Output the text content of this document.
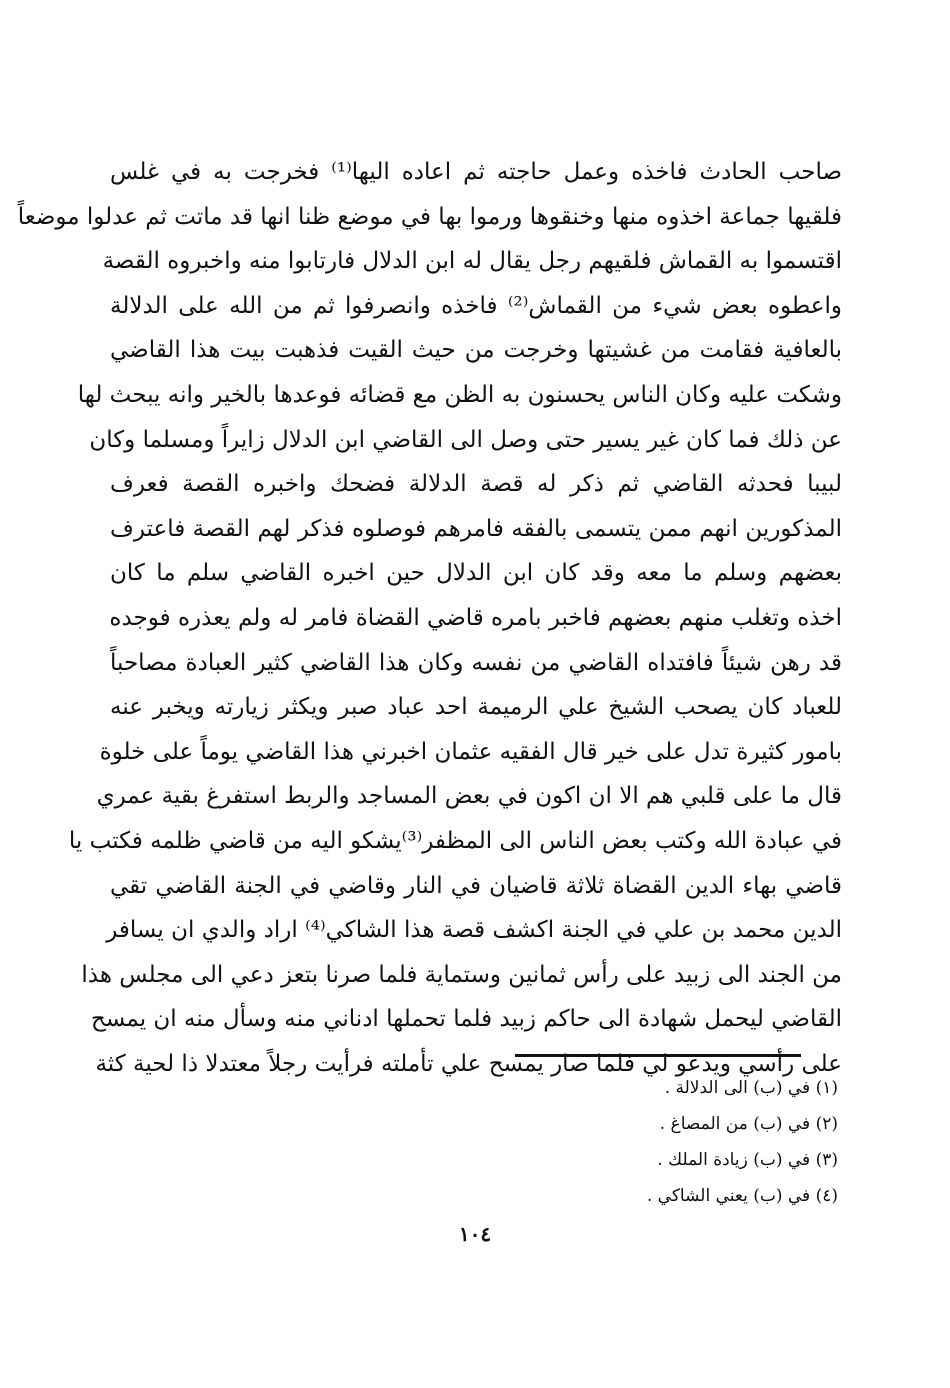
صاحب الحادث فاخذه وعمل حاجته ثم اعاده اليها⁽¹⁾ فخرجت به في غلس
فلقيها جماعة اخذوه منها وخنقوها ورموا بها في موضع ظنا انها قد ماتت ثم عدلوا موضعاً
اقتسموا به القماش فلقيهم رجل يقال له ابن الدلال فارتابوا منه واخبروه القصة
واعطوه بعض شيء من القماش⁽²⁾ فاخذه وانصرفوا ثم من الله على الدلالة
بالعافية فقامت من غشيتها وخرجت من حيث القيت فذهبت بيت هذا القاضي
وشكت عليه وكان الناس يحسنون به الظن مع قضائه فوعدها بالخير وانه يبحث لها
عن ذلك فما كان غير يسير حتى وصل الى القاضي ابن الدلال زايراً ومسلما وكان
لبيبا فحدثه القاضي ثم ذكر له قصة الدلالة فضحك واخبره القصة فعرف
المذكورين انهم ممن يتسمى بالفقه فامرهم فوصلوه فذكر لهم القصة فاعترف
بعضهم وسلم ما معه وقد كان ابن الدلال حين اخبره القاضي سلم ما كان
اخذه وتغلب منهم بعضهم فاخبر بامره قاضي القضاة فامر له ولم يعذره فوجده
قد رهن شيئاً فافتداه القاضي من نفسه وكان هذا القاضي كثير العبادة مصاحباً
للعباد كان يصحب الشيخ علي الرميمة احد عباد صبر ويكثر زيارته ويخبر عنه
بامور كثيرة تدل على خير قال الفقيه عثمان اخبرني هذا القاضي يوماً على خلوة
قال ما على قلبي هم الا ان اكون في بعض المساجد والربط استفرغ بقية عمري
في عبادة الله وكتب بعض الناس الى المظفر⁽³⁾يشكو اليه من قاضي ظلمه فكتب يا
قاضي بهاء الدين القضاة ثلاثة قاضيان في النار وقاضي في الجنة القاضي تقي
الدين محمد بن علي في الجنة اكشف قصة هذا الشاكي⁽⁴⁾ اراد والدي ان يسافر
من الجند الى زبيد على رأس ثمانين وستماية فلما صرنا بتعز دعي الى مجلس هذا
القاضي ليحمل شهادة الى حاكم زبيد فلما تحملها ادناني منه وسأل منه ان يمسح
على رأسي ويدعو لي فلما صار يمسح علي تأملته فرأيت رجلاً معتدلا ذا لحية كثة
(١) في (ب) الى الدلالة .
(٢) في (ب) من المصاغ .
(٣) في (ب) زيادة الملك .
(٤) في (ب) يعني الشاكي .
١٠٤
